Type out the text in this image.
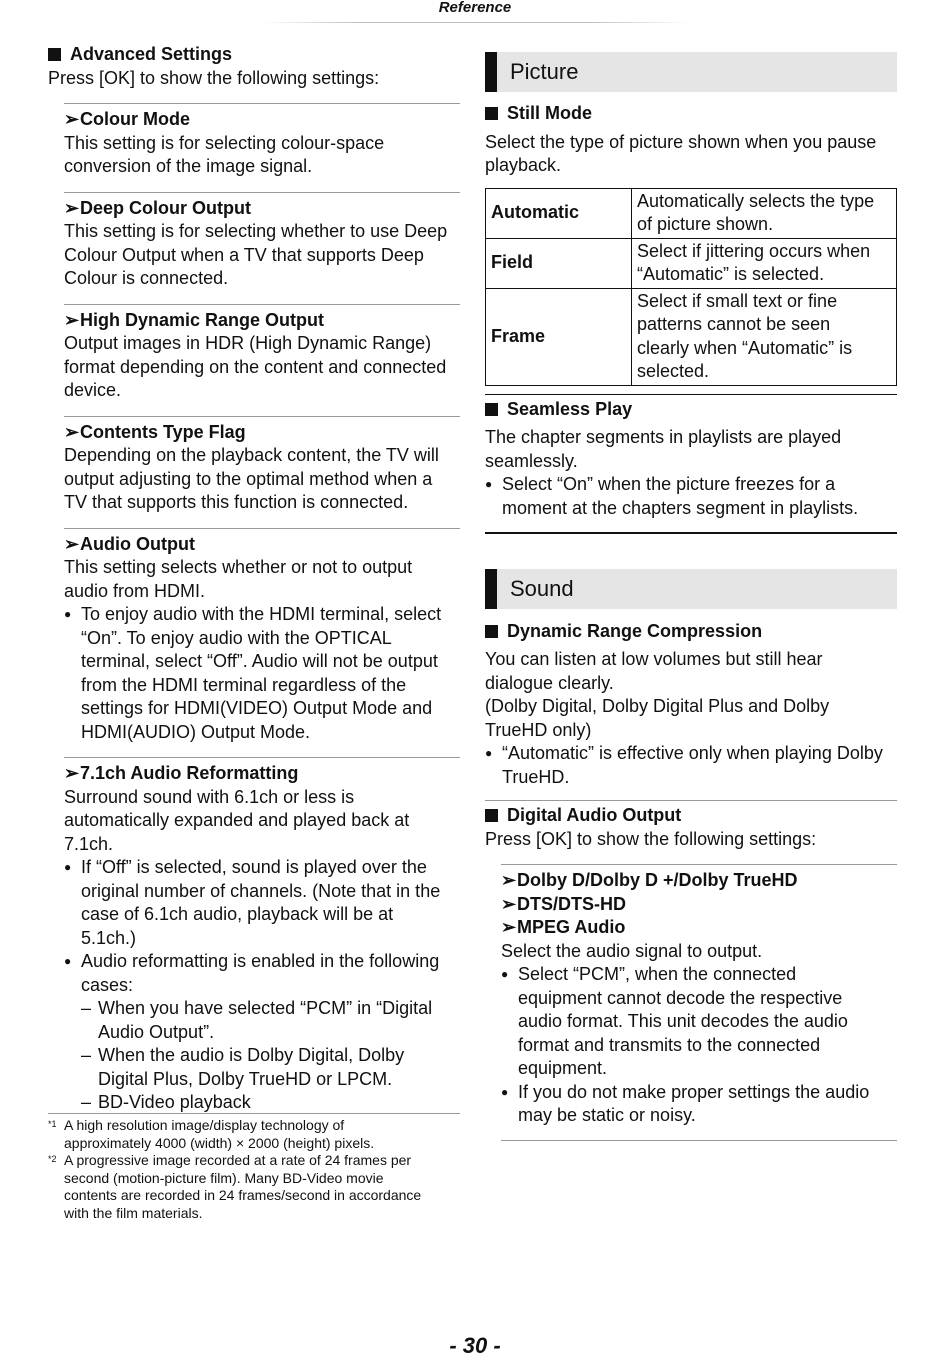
Reference
Advanced Settings
Press [OK] to show the following settings:
➢ Colour Mode
This setting is for selecting colour-space
conversion of the image signal.
➢ Deep Colour Output
This setting is for selecting whether to use Deep
Colour Output when a TV that supports Deep
Colour is connected.
➢ High Dynamic Range Output
Output images in HDR (High Dynamic Range)
format depending on the content and connected
device.
➢ Contents Type Flag
Depending on the playback content, the TV will
output adjusting to the optimal method when a
TV that supports this function is connected.
➢ Audio Output
This setting selects whether or not to output
audio from HDMI.
●
To enjoy audio with the HDMI terminal, select
“On”. To enjoy audio with the OPTICAL
terminal, select “Off”. Audio will not be output
from the HDMI terminal regardless of the
settings for HDMI(VIDEO) Output Mode and
HDMI(AUDIO) Output Mode.
➢ 7.1ch Audio Reformatting
Surround sound with 6.1ch or less is
automatically expanded and played back at
7.1ch.
●
If “Off” is selected, sound is played over the
original number of channels. (Note that in the
case of 6.1ch audio, playback will be at
5.1ch.)
●
Audio reformatting is enabled in the following
cases:
– When you have selected “PCM” in “Digital
Audio Output”.
– When the audio is Dolby Digital, Dolby
Digital Plus, Dolby TrueHD or LPCM.
– BD-Video playback
*1 A high resolution image/display technology of
approximately 4000 (width) × 2000 (height) pixels.
*2 A progressive image recorded at a rate of 24 frames per
second (motion-picture film). Many BD-Video movie
contents are recorded in 24 frames/second in accordance
with the film materials.
Picture
Still Mode
Select the type of picture shown when you pause
playback.
Automatic	Automatically selects the type
of picture shown.

Field	Select if jittering occurs when
“Automatic” is selected.

Frame	Select if small text or fine
patterns cannot be seen
clearly when “Automatic” is
selected.
Seamless Play
The chapter segments in playlists are played
seamlessly.
●
Select “On” when the picture freezes for a
moment at the chapters segment in playlists.
Sound
Dynamic Range Compression
You can listen at low volumes but still hear
dialogue clearly.
(Dolby Digital, Dolby Digital Plus and Dolby
TrueHD only)
●
“Automatic” is effective only when playing Dolby
TrueHD.
Digital Audio Output
Press [OK] to show the following settings:
➢ Dolby D/Dolby D +/Dolby TrueHD
➢ DTS/DTS-HD
➢ MPEG Audio
Select the audio signal to output.
●
Select “PCM”, when the connected
equipment cannot decode the respective
audio format. This unit decodes the audio
format and transmits to the connected
equipment.
●
If you do not make proper settings the audio
may be static or noisy.
- 30 -
